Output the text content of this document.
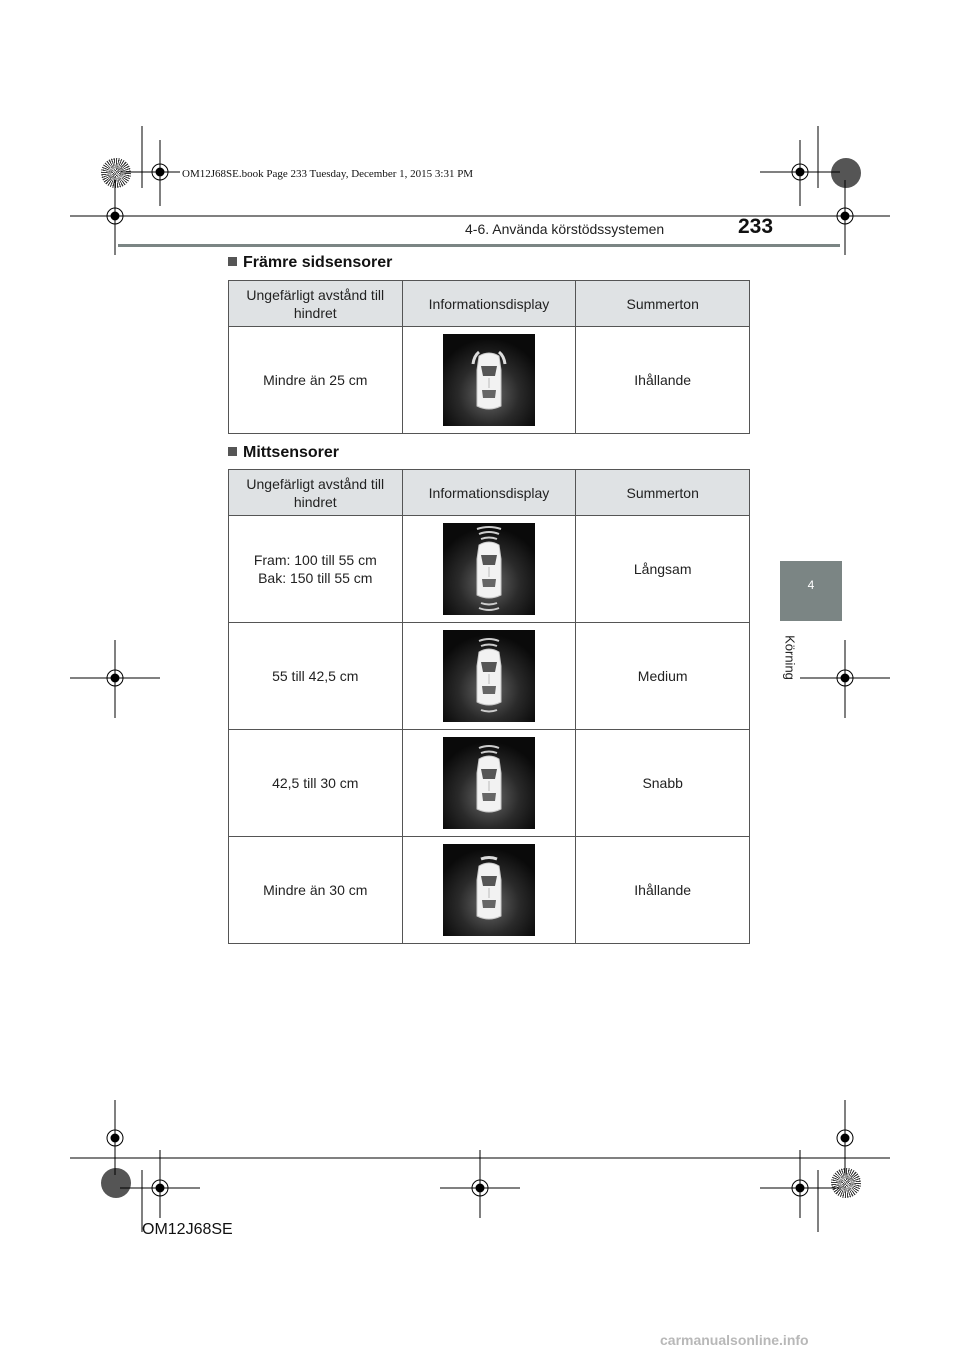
OM12J68SE.book Page 233 Tuesday, December 1, 2015 3:31 PM
4-6. Använda körstödssystemen	233
4
Körning
Främre sidsensorer
Ungefärligt avstånd till hindret	Informationsdisplay	Summerton
Mindre än 25 cm		Ihållande
Mittsensorer
Ungefärligt avstånd till hindret	Informationsdisplay	Summerton

Fram: 100 till 55 cm
Bak: 150 till 55 cm		Långsam
55 till 42,5 cm		Medium
42,5 till 30 cm		Snabb
Mindre än 30 cm		Ihållande
OM12J68SE
carmanualsonline.info
